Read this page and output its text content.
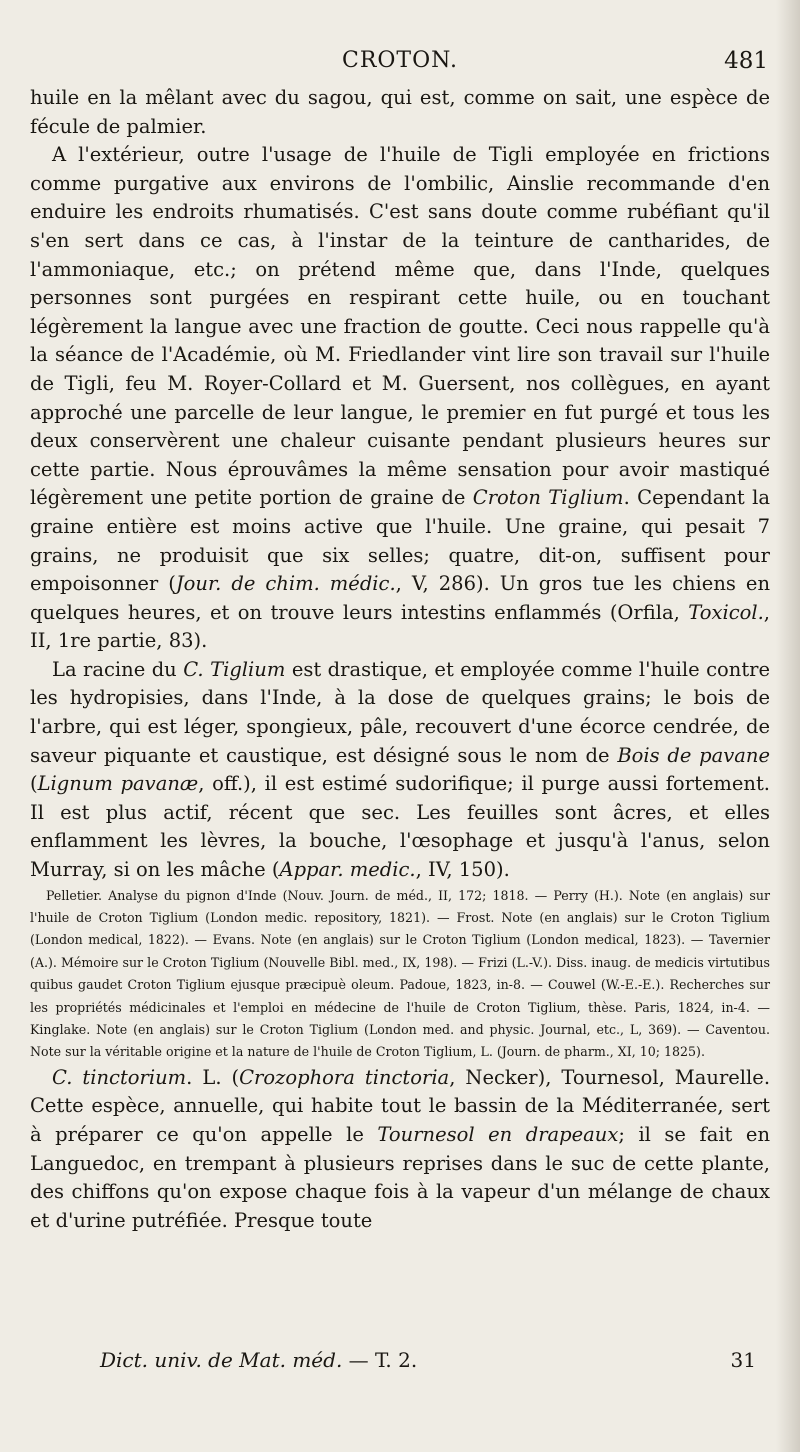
CROTON.	481

huile en la mêlant avec du sagou, qui est, comme on sait, une espèce de fécule de palmier.

A l'extérieur, outre l'usage de l'huile de Tigli employée en frictions comme purgative aux environs de l'ombilic, Ainslie recommande d'en enduire les endroits rhumatisés. C'est sans doute comme rubéfiant qu'il s'en sert dans ce cas, à l'instar de la teinture de cantharides, de l'ammoniaque, etc.; on prétend même que, dans l'Inde, quelques personnes sont purgées en respirant cette huile, ou en touchant légèrement la langue avec une fraction de goutte. Ceci nous rappelle qu'à la séance de l'Académie, où M. Friedlander vint lire son travail sur l'huile de Tigli, feu M. Royer-Collard et M. Guersent, nos collègues, en ayant approché une parcelle de leur langue, le premier en fut purgé et tous les deux conservèrent une chaleur cuisante pendant plusieurs heures sur cette partie. Nous éprouvâmes la même sensation pour avoir mastiqué légèrement une petite portion de graine de Croton Tiglium. Cependant la graine entière est moins active que l'huile. Une graine, qui pesait 7 grains, ne produisit que six selles; quatre, dit-on, suffisent pour empoisonner (Jour. de chim. médic., V, 286). Un gros tue les chiens en quelques heures, et on trouve leurs intestins enflammés (Orfila, Toxicol., II, 1re partie, 83).

La racine du C. Tiglium est drastique, et employée comme l'huile contre les hydropisies, dans l'Inde, à la dose de quelques grains; le bois de l'arbre, qui est léger, spongieux, pâle, recouvert d'une écorce cendrée, de saveur piquante et caustique, est désigné sous le nom de Bois de pavane (Lignum pavanæ, off.), il est estimé sudorifique; il purge aussi fortement. Il est plus actif, récent que sec. Les feuilles sont âcres, et elles enflamment les lèvres, la bouche, l'œsophage et jusqu'à l'anus, selon Murray, si on les mâche (Appar. medic., IV, 150).

Pelletier. Analyse du pignon d'Inde (Nouv. Journ. de méd., II, 172; 1818. — Perry (H.). Note (en anglais) sur l'huile de Croton Tiglium (London medic. repository, 1821). — Frost. Note (en anglais) sur le Croton Tiglium (London medical, 1822). — Evans. Note (en anglais) sur le Croton Tiglium (London medical, 1823). — Tavernier (A.). Mémoire sur le Croton Tiglium (Nouvelle Bibl. med., IX, 198). — Frizi (L.-V.). Diss. inaug. de medicis virtutibus quibus gaudet Croton Tiglium ejusque præcipuè oleum. Padoue, 1823, in-8. — Couwel (W.-E.-E.). Recherches sur les propriétés médicinales et l'emploi en médecine de l'huile de Croton Tiglium, thèse. Paris, 1824, in-4. — Kinglake. Note (en anglais) sur le Croton Tiglium (London med. and physic. Journal, etc., L, 369). — Caventou. Note sur la véritable origine et la nature de l'huile de Croton Tiglium, L. (Journ. de pharm., XI, 10; 1825).

C. tinctorium. L. (Crozophora tinctoria, Necker), Tournesol, Maurelle. Cette espèce, annuelle, qui habite tout le bassin de la Méditerranée, sert à préparer ce qu'on appelle le Tournesol en drapeaux; il se fait en Languedoc, en trempant à plusieurs reprises dans le suc de cette plante, des chiffons qu'on expose chaque fois à la vapeur d'un mélange de chaux et d'urine putréfiée. Presque toute

Dict. univ. de Mat. méd. — T. 2.	31
